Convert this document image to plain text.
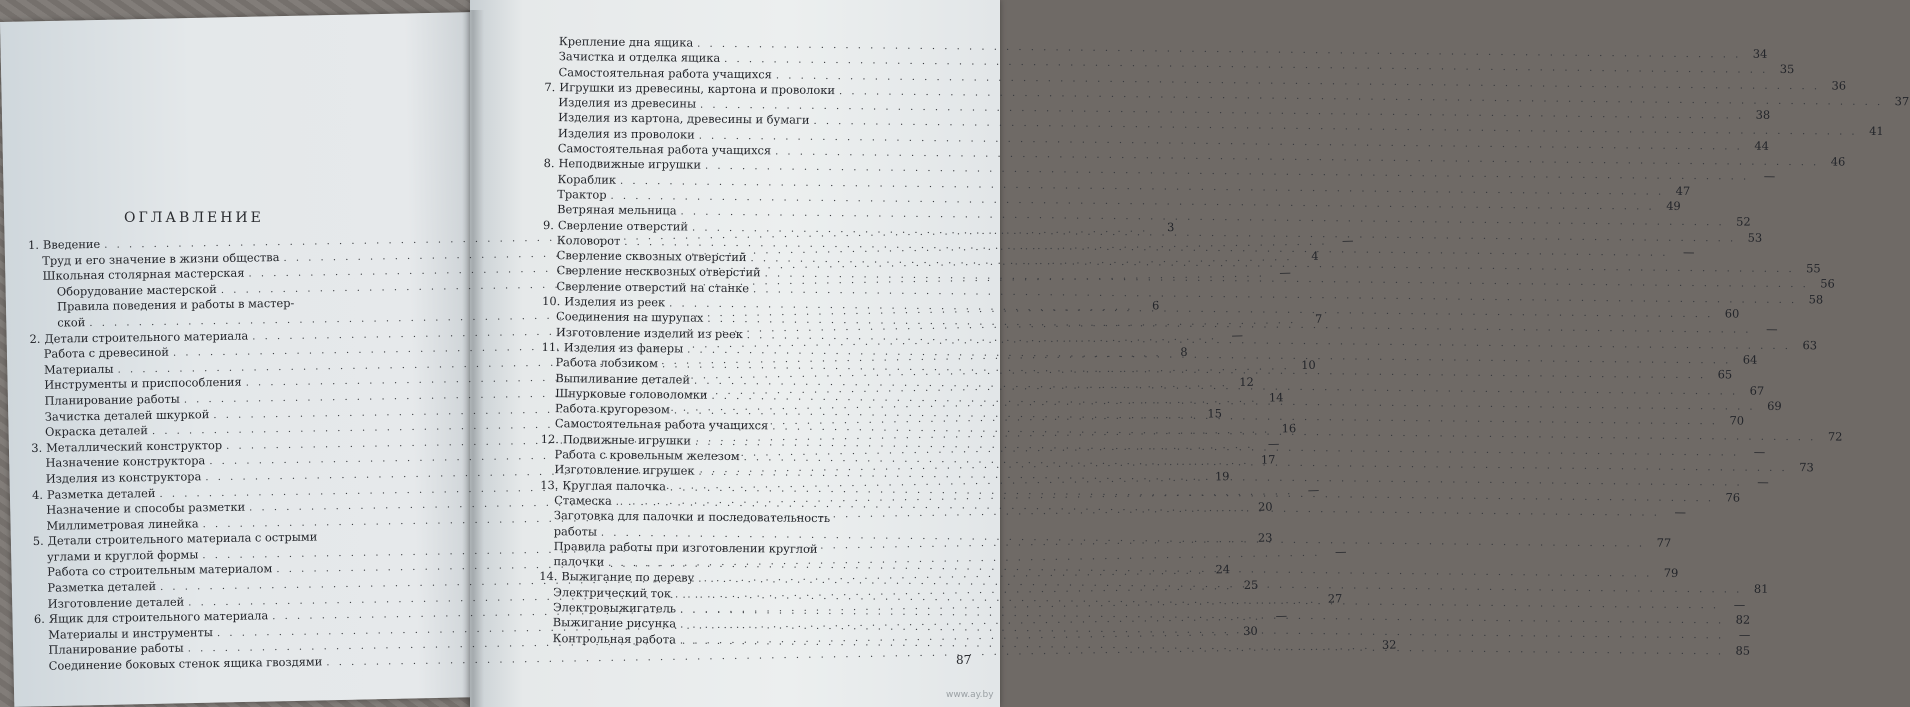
ОГЛАВЛЕНИЕ
1. Введение
. . .
3
Труд и его значение в жизни общества
. . .
—
Школьная столярная мастерская
. . .
4
Оборудование мастерской
. . .
—
Правила поведения и работы в мастер-
ской
. . .
6
2. Детали строительного материала
. . .
7
Работа с древесиной
. . .
—
Материалы
. . .
8
Инструменты и приспособления
. . .
10
Планирование работы
. . .
12
Зачистка деталей шкуркой
. . .
14
Окраска деталей
. . .
15
3. Металлический конструктор
. . .
16
Назначение конструктора
. . .
—
Изделия из конструктора
. . .
17
4. Разметка деталей
. . .
19
Назначение и способы разметки
. . .
—
Миллиметровая линейка
. . .
20
5. Детали строительного материала с острыми
углами и круглой формы
. . .
23
Работа со строительным материалом
. . .
—
Разметка деталей
. . .
24
Изготовление деталей
. . .
25
6. Ящик для строительного материала
. . .
27
Материалы и инструменты
. . .
—
Планирование работы
. . .
30
Соединение боковых стенок ящика гвоздями
. . .
32
Крепление дна ящика
. . .
34
Зачистка и отделка ящика
. . .
35
Самостоятельная работа учащихся
. . .
36
7. Игрушки из древесины, картона и проволоки
. . .
37
Изделия из древесины
. . .
38
Изделия из картона, древесины и бумаги
. . .
41
Изделия из проволоки
. . .
44
Самостоятельная работа учащихся
. . .
46
8. Неподвижные игрушки
. . .
—
Кораблик
. . .
47
Трактор
. . .
49
Ветряная мельница
. . .
52
9. Сверление отверстий
. . .
53
Коловорот
. . .
—
Сверление сквозных отверстий
. . .
55
Сверление несквозных отверстий
. . .
56
Сверление отверстий на станке
. . .
58
10. Изделия из реек
. . .
60
Соединения на шурупах
. . .
—
Изготовление изделий из реек
. . .
63
11. Изделия из фанеры
. . .
64
Работа лобзиком
. . .
65
Выпиливание деталей
. . .
67
Шнурковые головоломки
. . .
69
Работа кругорезом
. . .
70
Самостоятельная работа учащихся
. . .
72
12. Подвижные игрушки
. . .
—
Работа с кровельным железом
. . .
73
Изготовление игрушек
. . .
—
13. Круглая палочка
. . .
76
Стамеска
. . .
—
Заготовка для палочки и последовательность
работы
. . .
77
Правила работы при изготовлении круглой
палочки
. . .
79
14. Выжигание по дереву
. . .
81
Электрический ток
. . .
—
Электровыжигатель
. . .
82
Выжигание рисунка
. . .
—
Контрольная работа
. . .
85
87
www.ay.by
